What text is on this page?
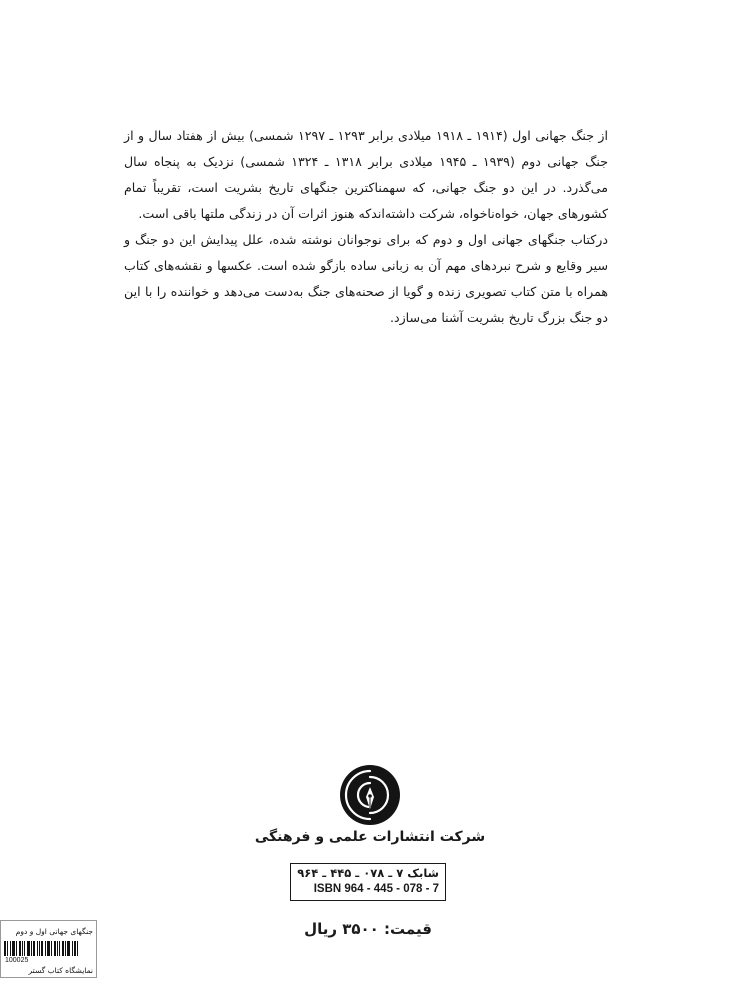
از جنگ جهانی اول (۱۹۱۴ ـ ۱۹۱۸ میلادی برابر ۱۲۹۳ ـ ۱۲۹۷ شمسی) بیش از هفتاد سال و از جنگ جهانی دوم (۱۹۳۹ ـ ۱۹۴۵ میلادی برابر ۱۳۱۸ ـ ۱۳۲۴ شمسی) نزدیک به پنجاه سال می‌گذرد. در این دو جنگ جهانی، که سهمناکترین جنگهای تاریخ بشریت است، تقریباً تمام کشورهای جهان، خواه‌ناخواه، شرکت داشته‌اندکه هنوز اثرات آن در زندگی ملتها باقی است.

درکتاب جنگهای جهانی اول و دوم که برای نوجوانان نوشته شده، علل پیدایش این دو جنگ و سیر وقایع و شرح نبردهای مهم آن به زبانی ساده بازگو شده است. عکسها و نقشه‌های کتاب همراه با متن کتاب تصویری زنده و گویا از صحنه‌های جنگ به‌دست می‌دهد و خواننده را با این دو جنگ بزرگ تاریخ بشریت آشنا می‌سازد.

شرکت انتشارات علمی و فرهنگی
شابک ۷ ـ ۰۷۸ ـ ۴۴۵ ـ ۹۶۴
ISBN 964 - 445 - 078 - 7
قیمت: ۳۵۰۰ ریال
جنگهای جهانی اول و دوم
100025
نمایشگاه کتاب گستر
